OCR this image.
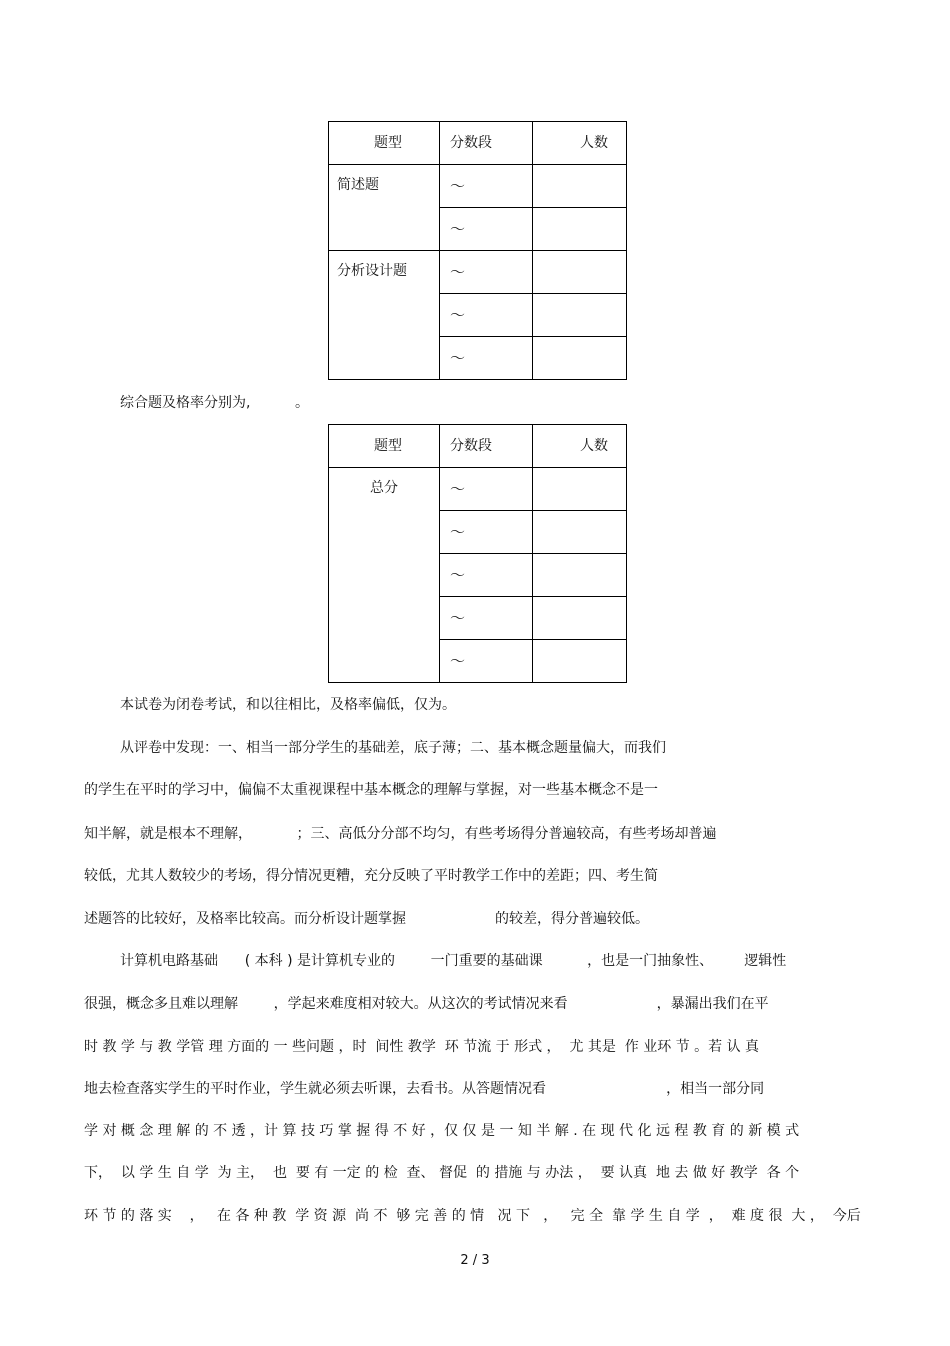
题型	分数段	人数
简述题	～	
	～	
分析设计题	～	
	～	
	～	
综合题及格率分别为,          。
题型	分数段	人数
总分	～	
	～	
	～	
	～	
	～	
本试卷为闭卷考试，和以往相比，及格率偏低，仅为。
从评卷中发现：一、相当一部分学生的基础差，底子薄；二、基本概念题量偏大，而我们
的学生在平时的学习中，偏偏不太重视课程中基本概念的理解与掌握，对一些基本概念不是一
知半解，就是根本不理解，          ；三、高低分分部不均匀，有些考场得分普遍较高，有些考场却普遍
较低，尤其人数较少的考场，得分情况更糟，充分反映了平时教学工作中的差距；四、考生简
述题答的比较好，及格率比较高。而分析设计题掌握                    的较差，得分普遍较低。
计算机电路基础      ( 本科 ) 是计算机专业的        一门重要的基础课          ，也是一门抽象性、       逻辑性
很强，概念多且难以理解        ，学起来难度相对较大。从这次的考试情况来看                    ，暴漏出我们在平
时 教 学 与 教 学管 理 方面的 一 些问题 ，时  间性 教学  环 节流 于 形式 ，  尤 其是  作 业环 节 。若 认 真
地去检查落实学生的平时作业，学生就必须去听课，去看书。从答题情况看                           ，相当一部分同
学 对 概 念 理 解 的 不 透 ，计 算 技 巧 掌 握 得 不 好 ，仅 仅 是 一 知 半 解 . 在 现 代 化 远 程 教 育 的 新 模 式
下，  以 学 生 自 学  为 主，  也  要 有 一定 的 检  查、 督促  的 措施 与 办法 ，  要 认真  地 去 做 好 教学  各 个
环 节 的 落 实    ，   在 各 种 教  学 资 源  尚 不  够 完 善 的 情   况 下   ，   完 全  靠 学 生 自 学  ，  难 度 很  大 ，  今后
2 / 3
